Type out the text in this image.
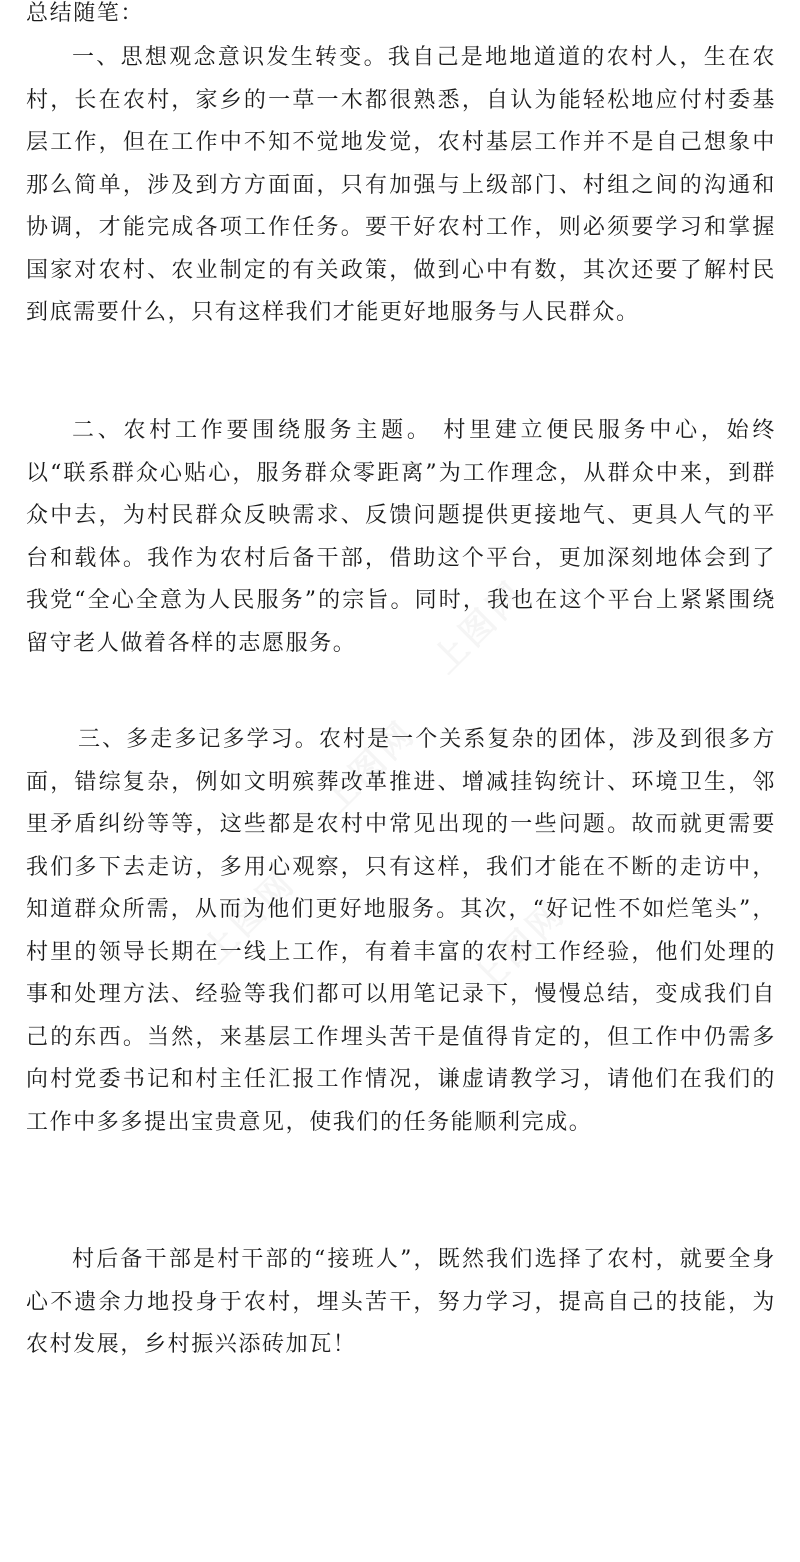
上图网
上图网
上图网	上图网

总结随笔：

一、思想观念意识发生转变。我自己是地地道道的农村人，生在农村，长在农村，家乡的一草一木都很熟悉，自认为能轻松地应付村委基层工作，但在工作中不知不觉地发觉，农村基层工作并不是自己想象中那么简单，涉及到方方面面，只有加强与上级部门、村组之间的沟通和协调，才能完成各项工作任务。要干好农村工作，则必须要学习和掌握国家对农村、农业制定的有关政策，做到心中有数，其次还要了解村民到底需要什么，只有这样我们才能更好地服务与人民群众。

二、农村工作要围绕服务主题。 村里建立便民服务中心，始终以“联系群众心贴心，服务群众零距离”为工作理念，从群众中来，到群众中去，为村民群众反映需求、反馈问题提供更接地气、更具人气的平台和载体。我作为农村后备干部，借助这个平台，更加深刻地体会到了我党“全心全意为人民服务”的宗旨。同时，我也在这个平台上紧紧围绕留守老人做着各样的志愿服务。

三、多走多记多学习。农村是一个关系复杂的团体，涉及到很多方面，错综复杂，例如文明殡葬改革推进、增减挂钩统计、环境卫生，邻里矛盾纠纷等等，这些都是农村中常见出现的一些问题。故而就更需要我们多下去走访，多用心观察，只有这样，我们才能在不断的走访中，知道群众所需，从而为他们更好地服务。其次，“好记性不如烂笔头”，村里的领导长期在一线上工作，有着丰富的农村工作经验，他们处理的事和处理方法、经验等我们都可以用笔记录下，慢慢总结，变成我们自己的东西。当然，来基层工作埋头苦干是值得肯定的，但工作中仍需多向村党委书记和村主任汇报工作情况，谦虚请教学习，请他们在我们的工作中多多提出宝贵意见，使我们的任务能顺利完成。

村后备干部是村干部的“接班人”，既然我们选择了农村，就要全身心不遗余力地投身于农村，埋头苦干，努力学习，提高自己的技能，为农村发展，乡村振兴添砖加瓦！
